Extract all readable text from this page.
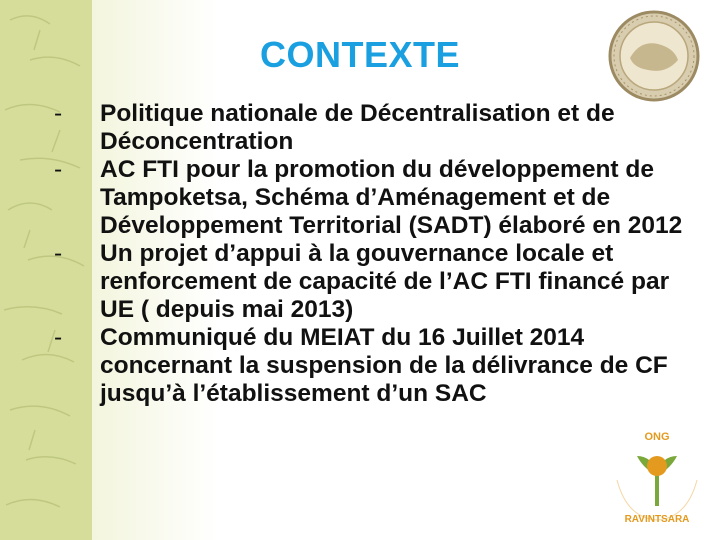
CONTEXTE
-	Politique nationale de Décentralisation et de Déconcentration
-	AC FTI pour la promotion du développement de Tampoketsa, Schéma d’Aménagement et de Développement Territorial (SADT) élaboré en 2012
-	Un projet d’appui à la gouvernance locale et renforcement de capacité de l’AC FTI financé par UE ( depuis mai 2013)
-	Communiqué du MEIAT du 16 Juillet 2014 concernant la suspension de la délivrance de CF jusqu’à l’établissement d’un SAC
ONG
RAVINTSARA
